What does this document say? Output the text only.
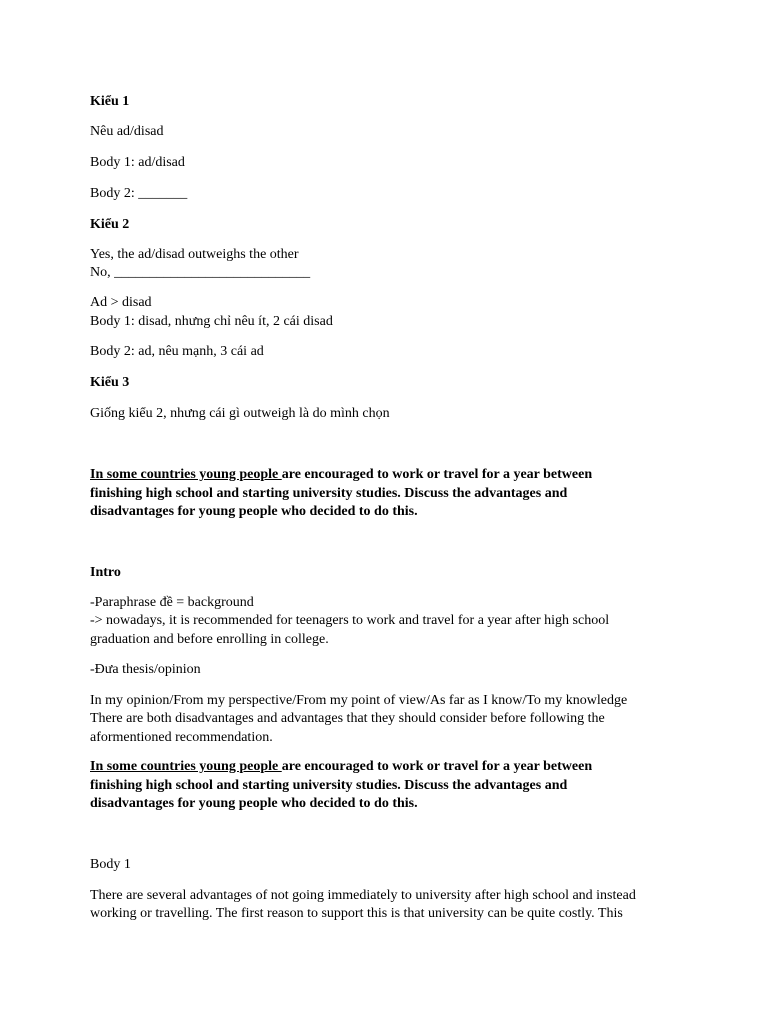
Kiểu 1
Nêu ad/disad
Body 1: ad/disad
Body 2: _______
Kiểu 2
Yes, the ad/disad outweighs the other
No, ____________________________
Ad > disad
Body 1: disad, nhưng chỉ nêu ít, 2 cái disad
Body 2: ad, nêu mạnh, 3 cái ad
Kiểu 3
Giống kiểu 2, nhưng cái gì outweigh là do mình chọn
In some countries young people are encouraged to work or travel for a year between
finishing high school and starting university studies. Discuss the advantages and
disadvantages for young people who decided to do this.
Intro
-Paraphrase đề = background
-> nowadays, it is recommended for teenagers to work and travel for a year after high school
graduation and before enrolling in college.
-Đưa thesis/opinion
In my opinion/From my perspective/From my point of view/As far as I know/To my knowledge
There are both disadvantages and advantages that they should consider before following the
aformentioned recommendation.
In some countries young people are encouraged to work or travel for a year between
finishing high school and starting university studies. Discuss the advantages and
disadvantages for young people who decided to do this.
Body 1
There are several advantages of not going immediately to university after high school and instead
working or travelling. The first reason to support this is that university can be quite costly. This
